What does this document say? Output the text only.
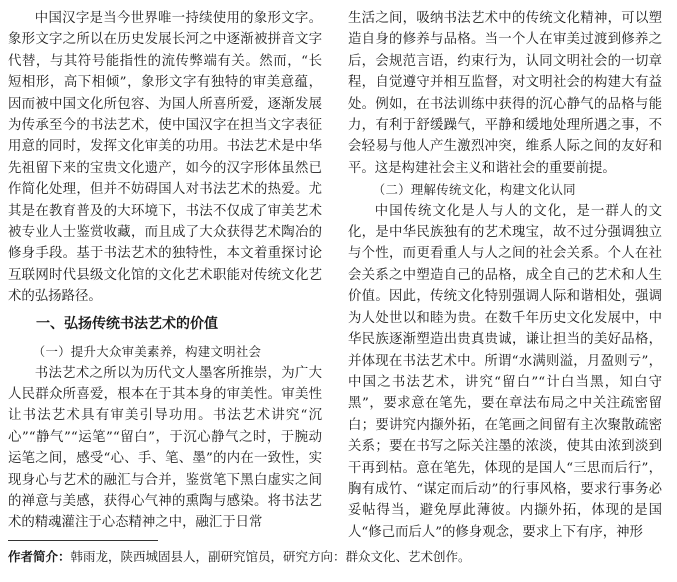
中国汉字是当今世界唯一持续使用的象形文字。象形文字之所以在历史发展长河之中逐渐被拼音文字代替，与其符号能指性的流传弊端有关。然而，“长短相形，高下相倾”，象形文字有独特的审美意蕴，因而被中国文化所包容、为国人所喜所爱，逐渐发展为传承至今的书法艺术，使中国汉字在担当文字表征用意的同时，发挥文化审美的功用。书法艺术是中华先祖留下来的宝贵文化遗产，如今的汉字形体虽然已作简化处理，但并不妨碍国人对书法艺术的热爱。尤其是在教育普及的大环境下，书法不仅成了审美艺术被专业人士鉴赏收藏，而且成了大众获得艺术陶冶的修身手段。基于书法艺术的独特性，本文着重探讨论互联网时代县级文化馆的文化艺术职能对传统文化艺术的弘扬路径。

一、弘扬传统书法艺术的价值
（一）提升大众审美素养，构建文明社会

书法艺术之所以为历代文人墨客所推崇，为广大人民群众所喜爱，根本在于其本身的审美性。审美性让书法艺术具有审美引导功用。书法艺术讲究“沉心”“静气”“运笔”“留白”，于沉心静气之时，于腕动运笔之间，感受“心、手、笔、墨”的内在一致性，实现身心与艺术的融汇与合并，鉴赏笔下黑白虚实之间的禅意与美感，获得心气神的熏陶与感染。将书法艺术的精魂灌注于心态精神之中，融汇于日常

生活之间，吸纳书法艺术中的传统文化精神，可以塑造自身的修养与品格。当一个人在审美过渡到修养之后，会规范言语，约束行为，认同文明社会的一切章程，自觉遵守并相互监督，对文明社会的构建大有益处。例如，在书法训练中获得的沉心静气的品格与能力，有利于舒缓躁气，平静和缓地处理所遇之事，不会轻易与他人产生激烈冲突，维系人际之间的友好和平。这是构建社会主义和谐社会的重要前提。

（二）理解传统文化，构建文化认同

中国传统文化是人与人的文化，是一群人的文化，是中华民族独有的艺术瑰宝，故不过分强调独立与个性，而更看重人与人之间的社会关系。个人在社会关系之中塑造自己的品格，成全自己的艺术和人生价值。因此，传统文化特别强调人际和谐相处，强调为人处世以和睦为贵。在数千年历史文化发展中，中华民族逐渐塑造出贵真贵诚，谦让担当的美好品格，并体现在书法艺术中。所谓“水满则溢，月盈则亏”，中国之书法艺术，讲究“留白”“计白当黑，知白守黑”，要求意在笔先，要在章法布局之中关注疏密留白；要讲究内撷外拓，在笔画之间留有主次聚散疏密关系；要在书写之际关注墨的浓淡，使其由浓到淡到干再到枯。意在笔先，体现的是国人“三思而后行”，胸有成竹、“谋定而后动”的行事风格，要求行事务必妥帖得当，避免厚此薄彼。内撷外拓，体现的是国人“修己而后人”的修身观念，要求上下有序，神形

作者简介：韩雨龙，陕西城固县人，副研究馆员，研究方向：群众文化、艺术创作。
